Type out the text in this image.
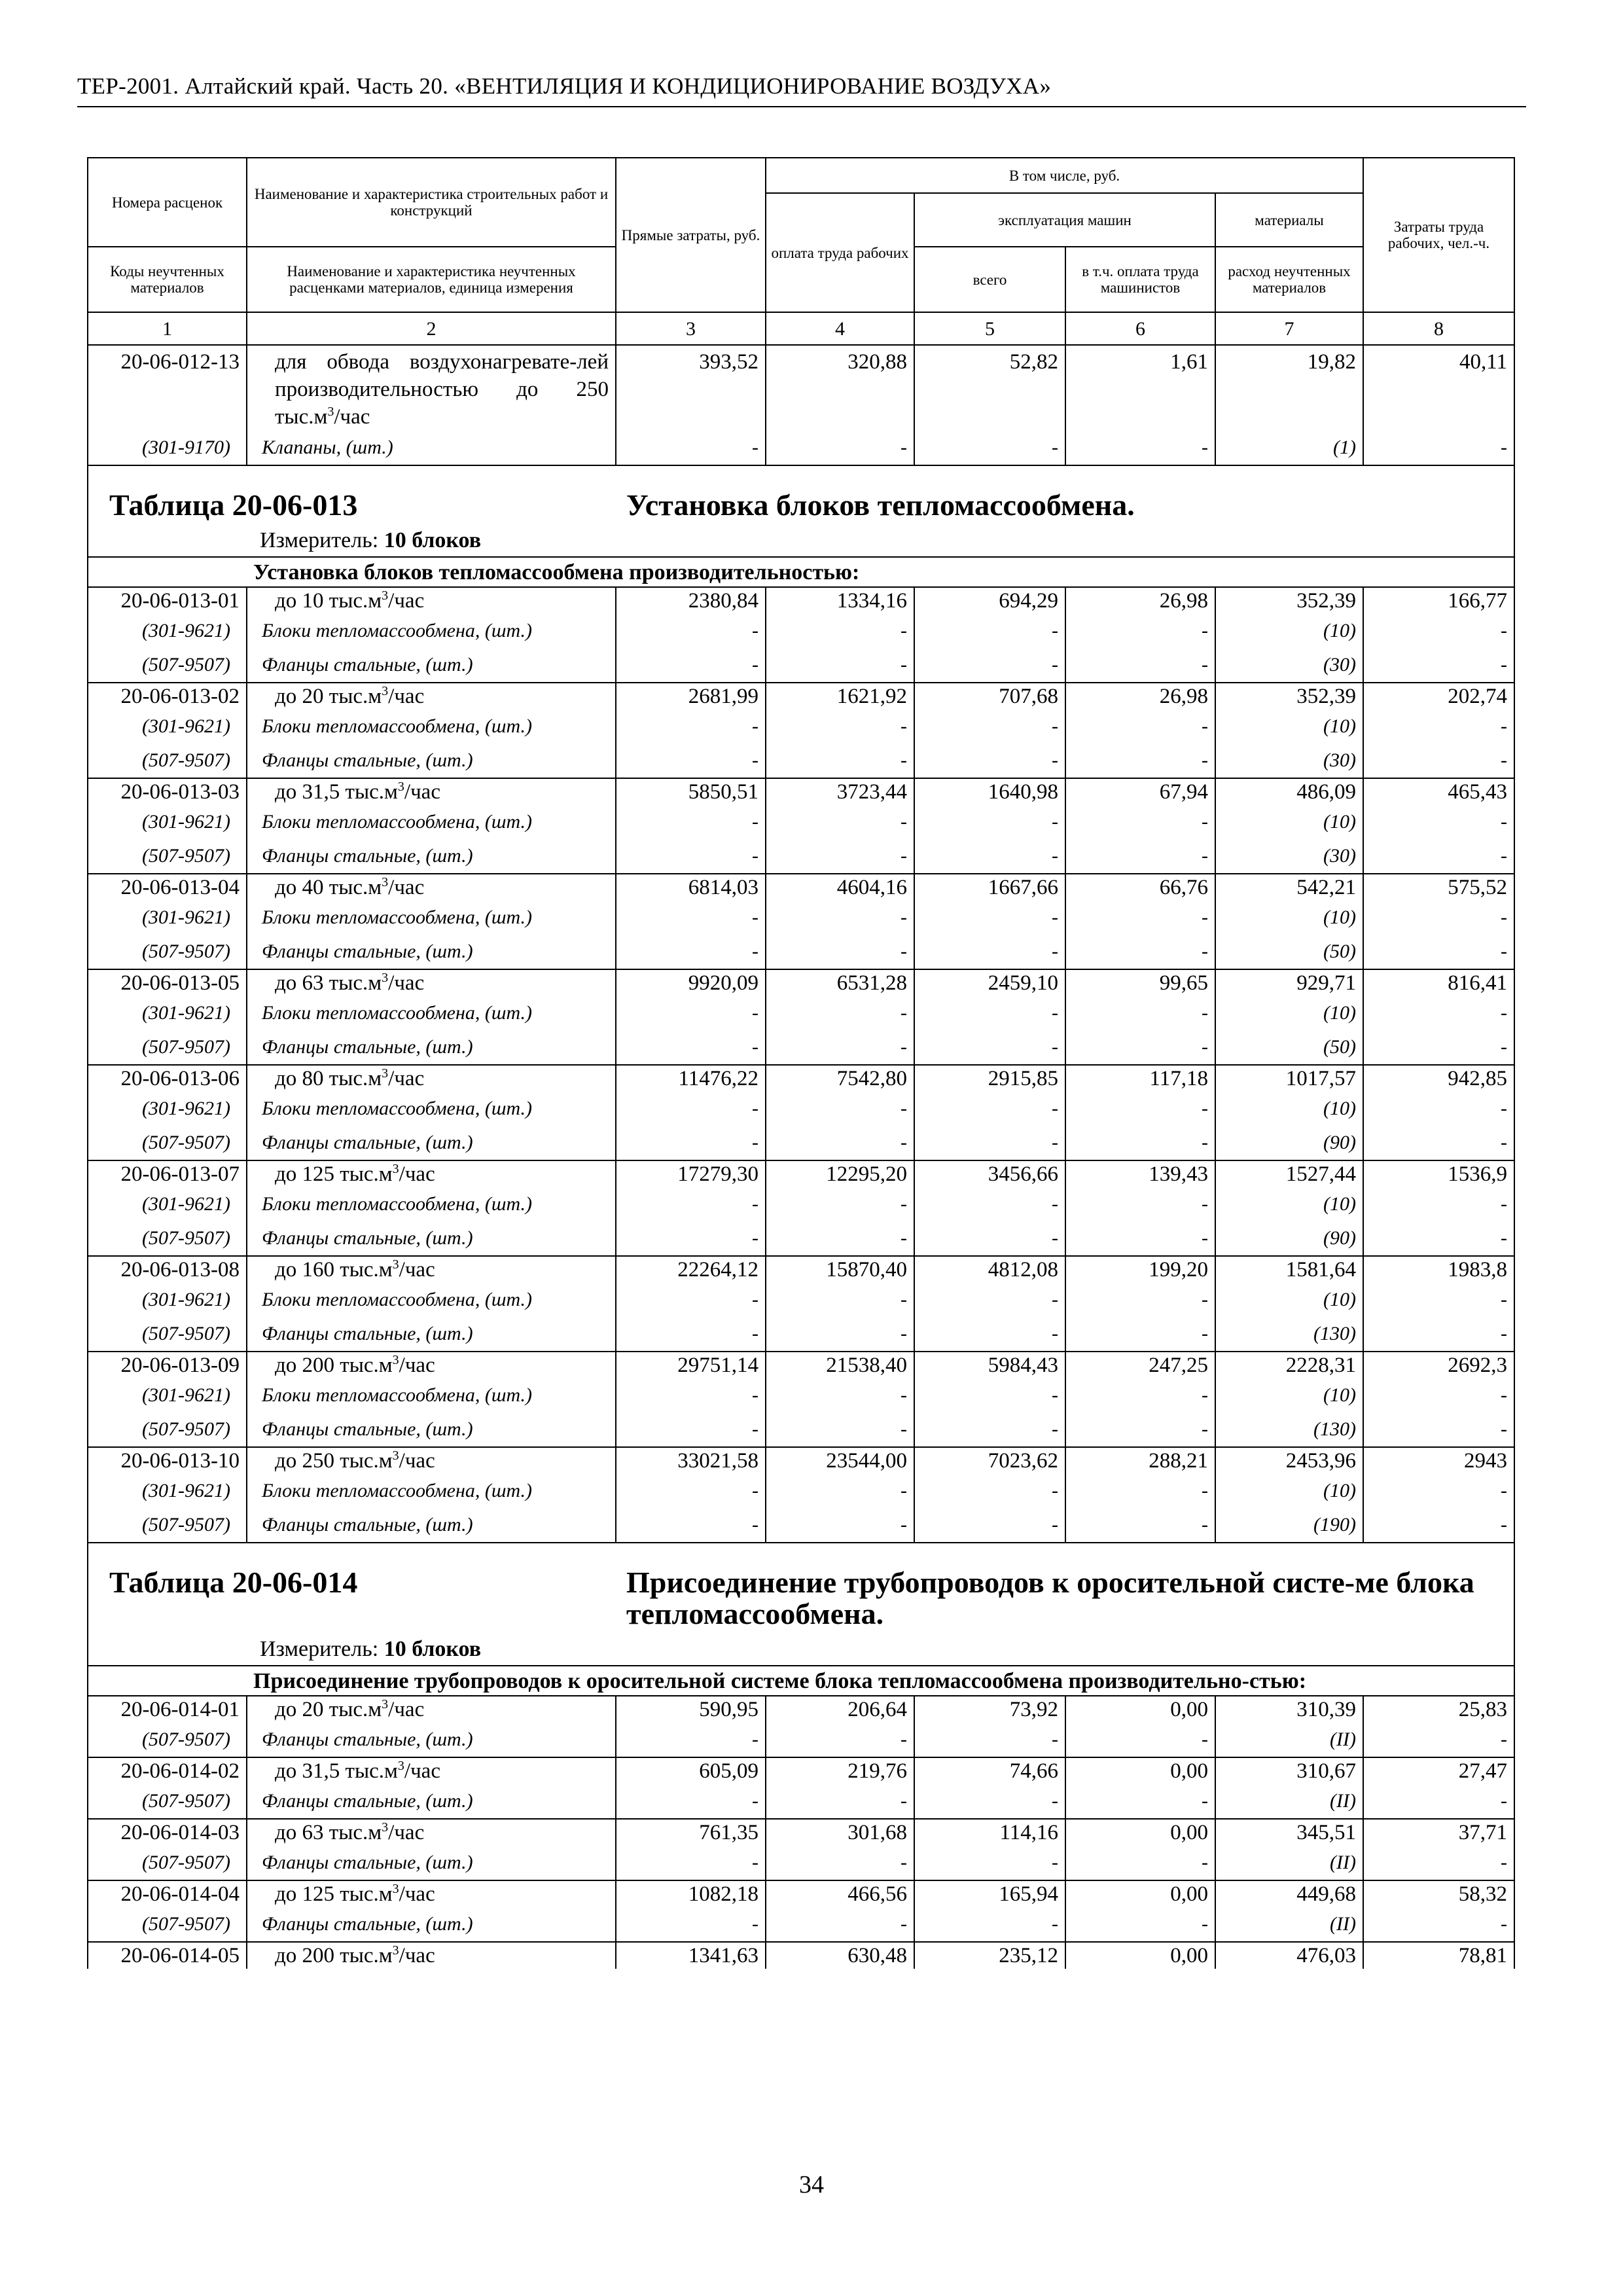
ТЕР-2001. Алтайский край. Часть 20. «ВЕНТИЛЯЦИЯ И КОНДИЦИОНИРОВАНИЕ ВОЗДУХА»
Номера расценок	Наименование и характеристика строительных работ и конструкций	Прямые затраты, руб.	В том числе, руб.				Затраты труда рабочих, чел.-ч.
			оплата труда рабочих	эксплуатация машин		материалы	
Коды неучтенных материалов	Наименование и характеристика неучтенных расценками материалов, единица измерения			всего	в т.ч. оплата труда машинистов	расход неучтенных материалов	
1	2	3	4	5	6	7	8
20-06-012-13	для обвода воздухонагревате-лей производительностью до 250 $тыс.м^3$/час	393,52	320,88	52,82	1,61	19,82	40,11
(301-9170)	Клапаны, (шт.)	-	-	-	-	(1)	-

Таблица 20-06-013 Установка блоков тепломассообмена.
Измеритель: 10 блоков							

Установка блоков тепломассообмена производительностью:							
20-06-013-01	до 10 $тыс.м^3$/час	2380,84	1334,16	694,29	26,98	352,39	166,77
(301-9621)	Блоки тепломассообмена, (шт.)	-	-	-	-	(10)	-
(507-9507)	Фланцы стальные, (шт.)	-	-	-	-	(30)	-
20-06-013-02	до 20 $тыс.м^3$/час	2681,99	1621,92	707,68	26,98	352,39	202,74
(301-9621)	Блоки тепломассообмена, (шт.)	-	-	-	-	(10)	-
(507-9507)	Фланцы стальные, (шт.)	-	-	-	-	(30)	-
20-06-013-03	до 31,5 $тыс.м^3$/час	5850,51	3723,44	1640,98	67,94	486,09	465,43
(301-9621)	Блоки тепломассообмена, (шт.)	-	-	-	-	(10)	-
(507-9507)	Фланцы стальные, (шт.)	-	-	-	-	(30)	-
20-06-013-04	до 40 $тыс.м^3$/час	6814,03	4604,16	1667,66	66,76	542,21	575,52
(301-9621)	Блоки тепломассообмена, (шт.)	-	-	-	-	(10)	-
(507-9507)	Фланцы стальные, (шт.)	-	-	-	-	(50)	-
20-06-013-05	до 63 $тыс.м^3$/час	9920,09	6531,28	2459,10	99,65	929,71	816,41
(301-9621)	Блоки тепломассообмена, (шт.)	-	-	-	-	(10)	-
(507-9507)	Фланцы стальные, (шт.)	-	-	-	-	(50)	-
20-06-013-06	до 80 $тыс.м^3$/час	11476,22	7542,80	2915,85	117,18	1017,57	942,85
(301-9621)	Блоки тепломассообмена, (шт.)	-	-	-	-	(10)	-
(507-9507)	Фланцы стальные, (шт.)	-	-	-	-	(90)	-
20-06-013-07	до 125 $тыс.м^3$/час	17279,30	12295,20	3456,66	139,43	1527,44	1536,9
(301-9621)	Блоки тепломассообмена, (шт.)	-	-	-	-	(10)	-
(507-9507)	Фланцы стальные, (шт.)	-	-	-	-	(90)	-
20-06-013-08	до 160 $тыс.м^3$/час	22264,12	15870,40	4812,08	199,20	1581,64	1983,8
(301-9621)	Блоки тепломассообмена, (шт.)	-	-	-	-	(10)	-
(507-9507)	Фланцы стальные, (шт.)	-	-	-	-	(130)	-
20-06-013-09	до 200 $тыс.м^3$/час	29751,14	21538,40	5984,43	247,25	2228,31	2692,3
(301-9621)	Блоки тепломассообмена, (шт.)	-	-	-	-	(10)	-
(507-9507)	Фланцы стальные, (шт.)	-	-	-	-	(130)	-
20-06-013-10	до 250 $тыс.м^3$/час	33021,58	23544,00	7023,62	288,21	2453,96	2943
(301-9621)	Блоки тепломассообмена, (шт.)	-	-	-	-	(10)	-
(507-9507)	Фланцы стальные, (шт.)	-	-	-	-	(190)	-

Таблица 20-06-014 Присоединение трубопроводов к оросительной систе-ме блока тепломассообмена.
Измеритель: 10 блоков							

Присоединение трубопроводов к оросительной системе блока тепломассообмена производительно-стью:							
20-06-014-01	до 20 $тыс.м^3$/час	590,95	206,64	73,92	0,00	310,39	25,83
(507-9507)	Фланцы стальные, (шт.)	-	-	-	-	(II)	-
20-06-014-02	до 31,5 $тыс.м^3$/час	605,09	219,76	74,66	0,00	310,67	27,47
(507-9507)	Фланцы стальные, (шт.)	-	-	-	-	(II)	-
20-06-014-03	до 63 $тыс.м^3$/час	761,35	301,68	114,16	0,00	345,51	37,71
(507-9507)	Фланцы стальные, (шт.)	-	-	-	-	(II)	-
20-06-014-04	до 125 $тыс.м^3$/час	1082,18	466,56	165,94	0,00	449,68	58,32
(507-9507)	Фланцы стальные, (шт.)	-	-	-	-	(II)	-
20-06-014-05	до 200 $тыс.м^3$/час	1341,63	630,48	235,12	0,00	476,03	78,81
34
